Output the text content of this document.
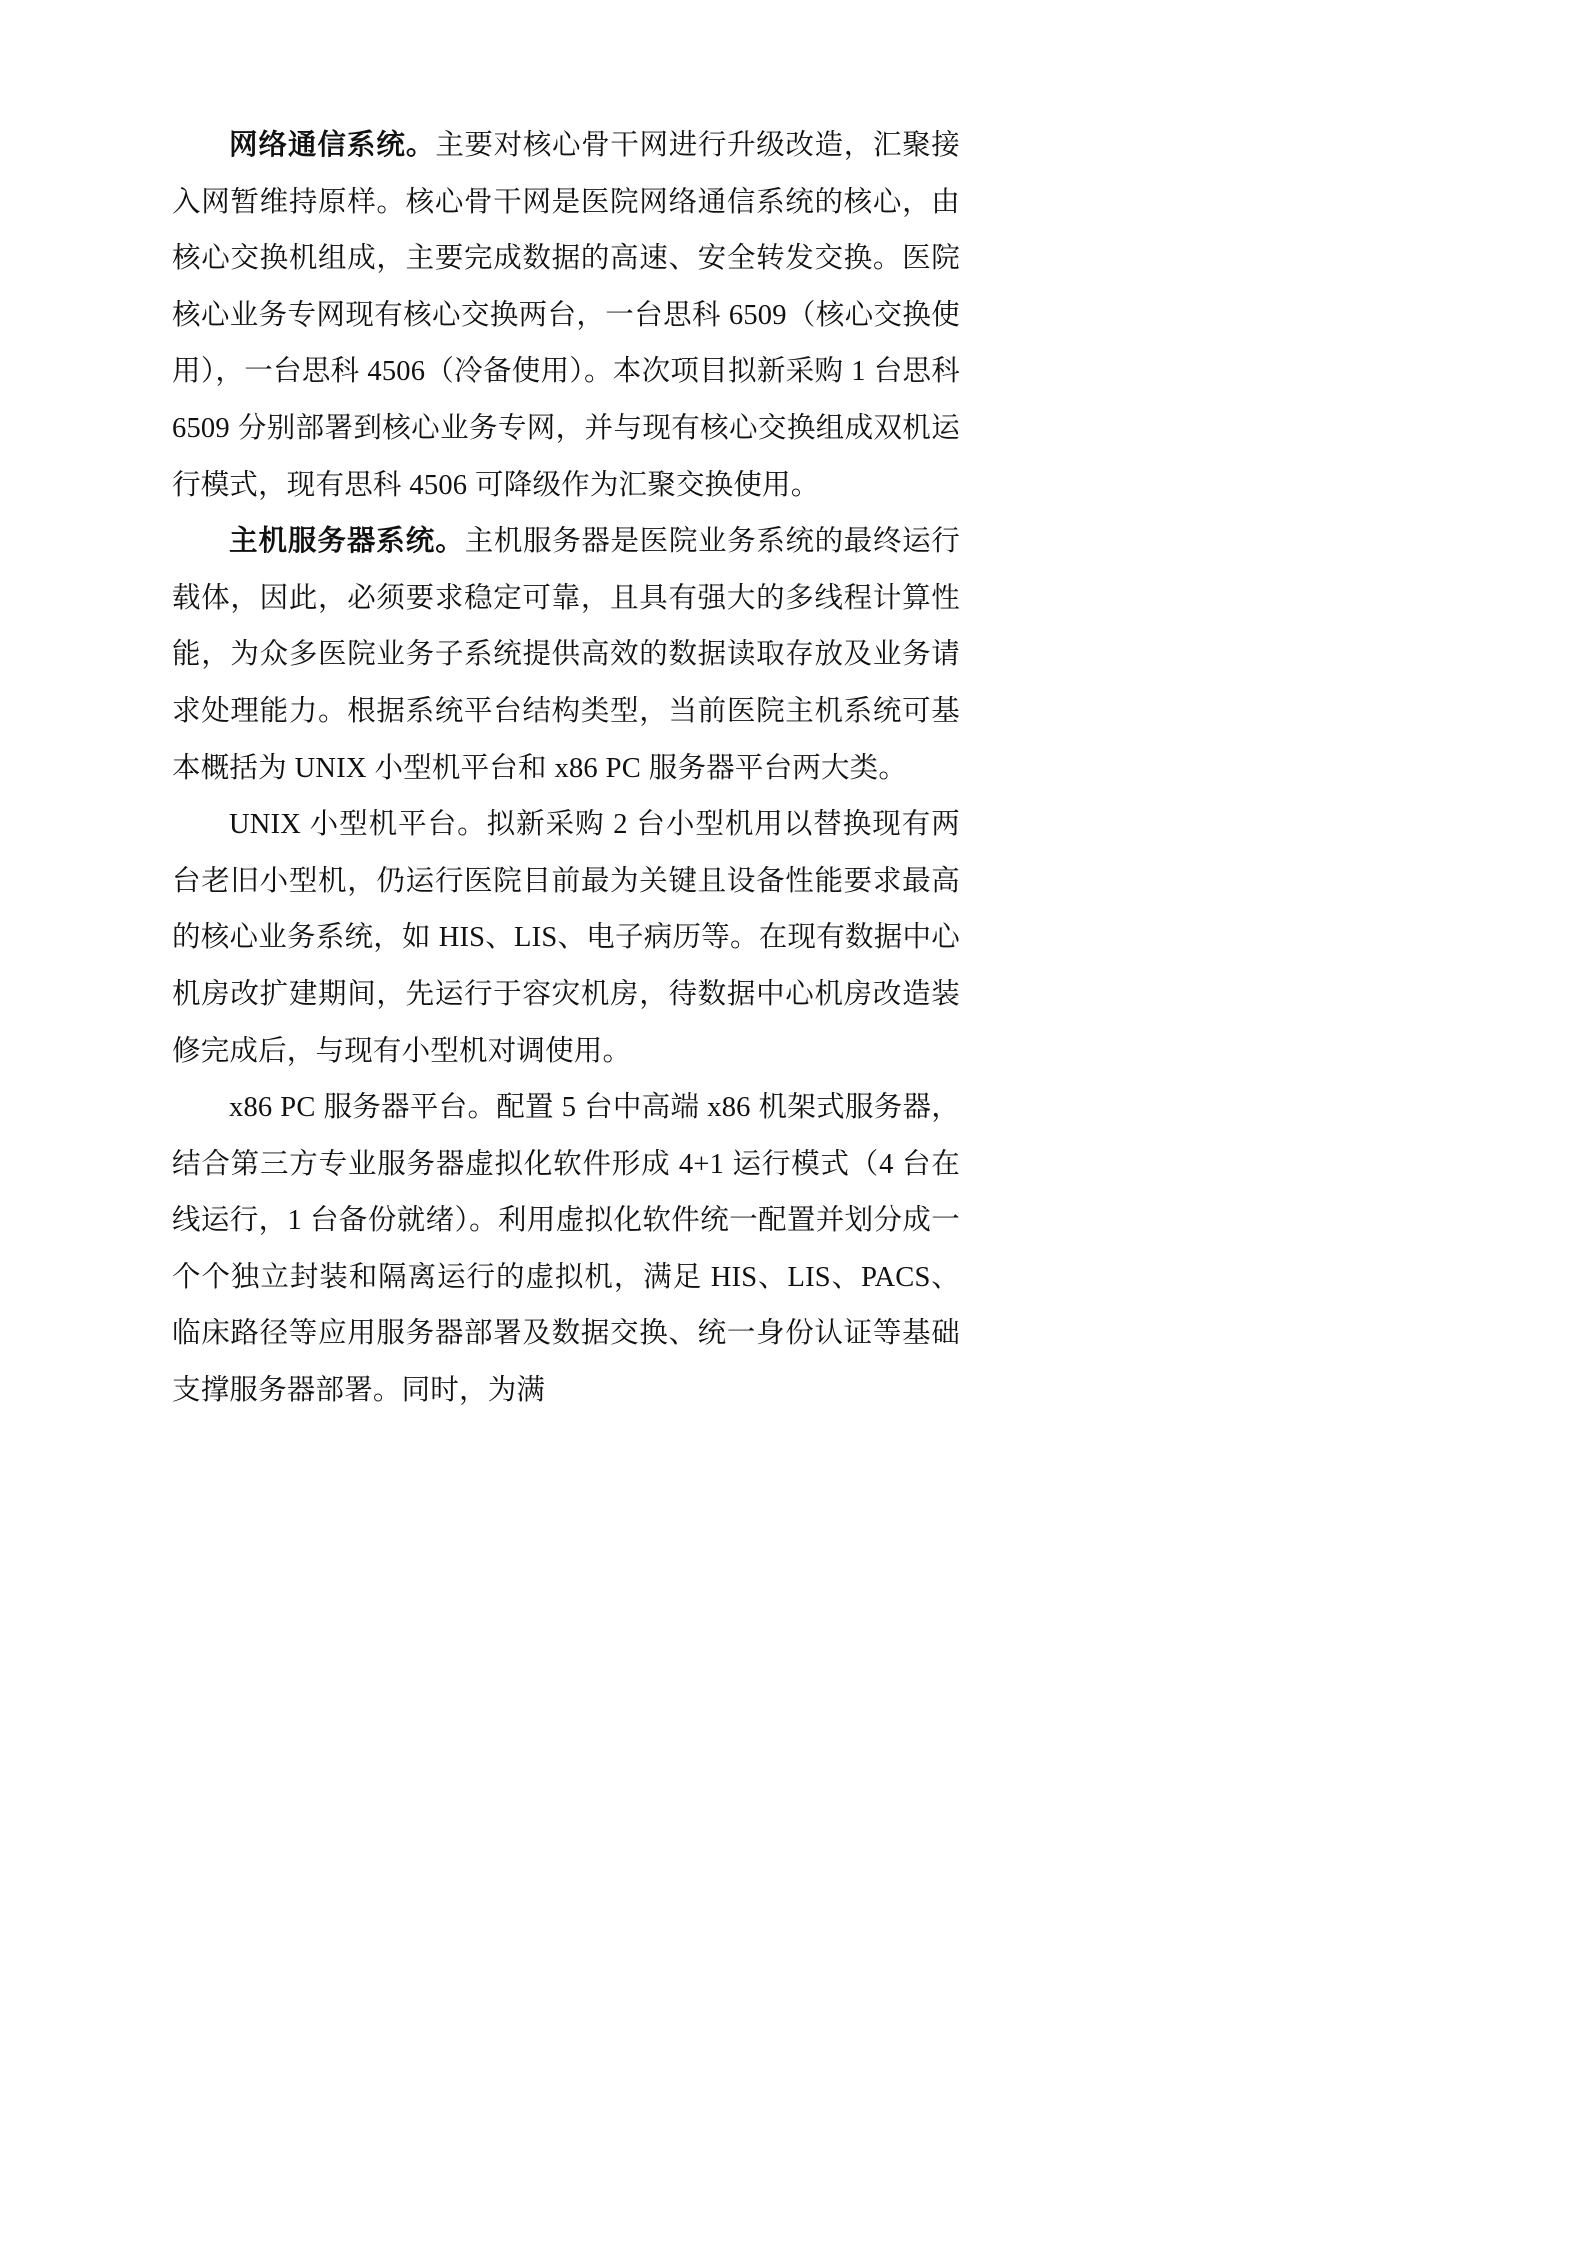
网络通信系统。主要对核心骨干网进行升级改造，汇聚接入网暂维持原样。核心骨干网是医院网络通信系统的核心，由核心交换机组成，主要完成数据的高速、安全转发交换。医院核心业务专网现有核心交换两台，一台思科 6509（核心交换使用），一台思科 4506（冷备使用）。本次项目拟新采购 1 台思科 6509 分别部署到核心业务专网，并与现有核心交换组成双机运行模式，现有思科 4506 可降级作为汇聚交换使用。

主机服务器系统。主机服务器是医院业务系统的最终运行载体，因此，必须要求稳定可靠，且具有强大的多线程计算性能，为众多医院业务子系统提供高效的数据读取存放及业务请求处理能力。根据系统平台结构类型，当前医院主机系统可基本概括为 UNIX 小型机平台和 x86 PC 服务器平台两大类。

UNIX 小型机平台。拟新采购 2 台小型机用以替换现有两台老旧小型机，仍运行医院目前最为关键且设备性能要求最高的核心业务系统，如 HIS、LIS、电子病历等。在现有数据中心机房改扩建期间，先运行于容灾机房，待数据中心机房改造装修完成后，与现有小型机对调使用。

x86 PC 服务器平台。配置 5 台中高端 x86 机架式服务器，结合第三方专业服务器虚拟化软件形成 4+1 运行模式（4 台在线运行，1 台备份就绪）。利用虚拟化软件统一配置并划分成一个个独立封装和隔离运行的虚拟机，满足 HIS、LIS、PACS、临床路径等应用服务器部署及数据交换、统一身份认证等基础支撑服务器部署。同时，为满
